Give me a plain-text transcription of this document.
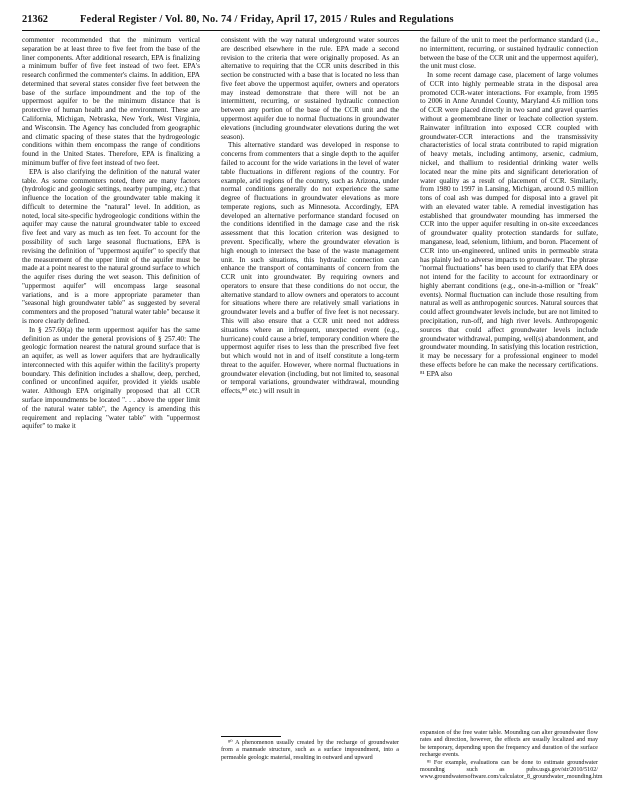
21362	Federal Register / Vol. 80, No. 74 / Friday, April 17, 2015 / Rules and Regulations

commenter recommended that the minimum vertical separation be at least three to five feet from the base of the liner components. After additional research, EPA is finalizing a minimum buffer of five feet instead of two feet. EPA's research confirmed the commenter's claims. In addition, EPA determined that several states consider five feet between the base of the surface impoundment and the top of the uppermost aquifer to be the minimum distance that is protective of human health and the environment. These are California, Michigan, Nebraska, New York, West Virginia, and Wisconsin. The Agency has concluded from geographic and climatic spacing of these states that the hydrogeologic conditions within them encompass the range of conditions found in the United States. Therefore, EPA is finalizing a minimum buffer of five feet instead of two feet.

EPA is also clarifying the definition of the natural water table. As some commenters noted, there are many factors (hydrologic and geologic settings, nearby pumping, etc.) that influence the location of the groundwater table making it difficult to determine the "natural" level. In addition, as noted, local site-specific hydrogeologic conditions within the aquifer may cause the natural groundwater table to exceed five feet and vary as much as ten feet. To account for the possibility of such large seasonal fluctuations, EPA is revising the definition of "uppermost aquifer" to specify that the measurement of the upper limit of the aquifer must be made at a point nearest to the natural ground surface to which the aquifer rises during the wet season. This definition of "uppermost aquifer" will encompass large seasonal variations, and is a more appropriate parameter than "seasonal high groundwater table" as suggested by several commenters and the proposed "natural water table" because it is more clearly defined.

In § 257.60(a) the term uppermost aquifer has the same definition as under the general provisions of § 257.40: The geologic formation nearest the natural ground surface that is an aquifer, as well as lower aquifers that are hydraulically interconnected with this aquifer within the facility's property boundary. This definition includes a shallow, deep, perched, confined or unconfined aquifer, provided it yields usable water. Although EPA originally proposed that all CCR surface impoundments be located ". . . above the upper limit of the natural water table", the Agency is amending this requirement and replacing "water table" with "uppermost aquifer" to make it

consistent with the way natural underground water sources are described elsewhere in the rule. EPA made a second revision to the criteria that were originally proposed. As an alternative to requiring that the CCR units described in this section be constructed with a base that is located no less than five feet above the uppermost aquifer, owners and operators may instead demonstrate that there will not be an intermittent, recurring, or sustained hydraulic connection between any portion of the base of the CCR unit and the uppermost aquifer due to normal fluctuations in groundwater elevations (including groundwater elevations during the wet season).

This alternative standard was developed in response to concerns from commenters that a single depth to the aquifer failed to account for the wide variations in the level of water table fluctuations in different regions of the country. For example, arid regions of the country, such as Arizona, under normal conditions generally do not experience the same degree of fluctuations in groundwater elevations as more temperate regions, such as Minnesota. Accordingly, EPA developed an alternative performance standard focused on the conditions identified in the damage case and the risk assessment that this location criterion was designed to prevent. Specifically, where the groundwater elevation is high enough to intersect the base of the waste management unit. In such situations, this hydraulic connection can enhance the transport of contaminants of concern from the CCR unit into groundwater. By requiring owners and operators to ensure that these conditions do not occur, the alternative standard to allow owners and operators to account for situations where there are relatively small variations in groundwater levels and a buffer of five feet is not necessary. This will also ensure that a CCR unit need not address situations where an infrequent, unexpected event (e.g., hurricane) could cause a brief, temporary condition where the uppermost aquifer rises to less than the prescribed five feet but which would not in and of itself constitute a long-term threat to the aquifer. However, where normal fluctuations in groundwater elevation (including, but not limited to, seasonal or temporal variations, groundwater withdrawal, mounding effects,⁸⁰ etc.) will result in

the failure of the unit to meet the performance standard (i.e., no intermittent, recurring, or sustained hydraulic connection between the base of the CCR unit and the uppermost aquifer), the unit must close.

In some recent damage case, placement of large volumes of CCR into highly permeable strata in the disposal area promoted CCR-water interactions. For example, from 1995 to 2006 in Anne Arundel County, Maryland 4.6 million tons of CCR were placed directly in two sand and gravel quarries without a geomembrane liner or leachate collection system. Rainwater infiltration into exposed CCR coupled with groundwater-CCR interactions and the transmissivity characteristics of local strata contributed to rapid migration of heavy metals, including antimony, arsenic, cadmium, nickel, and thallium to residential drinking water wells located near the mine pits and significant deterioration of water quality as a result of placement of CCR. Similarly, from 1980 to 1997 in Lansing, Michigan, around 0.5 million tons of coal ash was dumped for disposal into a gravel pit with an elevated water table. A remedial investigation has established that groundwater mounding has immersed the CCR into the upper aquifer resulting in on-site exceedances of groundwater quality protection standards for sulfate, manganese, lead, selenium, lithium, and boron. Placement of CCR into un-engineered, unlined units in permeable strata has plainly led to adverse impacts to groundwater. The phrase "normal fluctuations" has been used to clarify that EPA does not intend for the facility to account for extraordinary or highly aberrant conditions (e.g., one-in-a-million or "freak" events). Normal fluctuation can include those resulting from natural as well as anthropogenic sources. Natural sources that could affect groundwater levels include, but are not limited to precipitation, run-off, and high river levels. Anthropogenic sources that could affect groundwater levels include groundwater withdrawal, pumping, well(s) abandonment, and groundwater mounding. In satisfying this location restriction, it may be necessary for a professional engineer to model these effects before he can make the necessary certifications. ⁸¹ EPA also

⁸⁰ A phenomenon usually created by the recharge of groundwater from a manmade structure, such as a surface impoundment, into a permeable geologic material, resulting in outward and upward

expansion of the free water table. Mounding can alter groundwater flow rates and direction, however, the effects are usually localized and may be temporary, depending upon the frequency and duration of the surface recharge events.

⁸¹ For example, evaluations can be done to estimate groundwater mounding such as pubs.usgs.gov/sir/2010/5102/ www.groundwatersoftware.com/calculator_8_groundwater_mounding.htm
